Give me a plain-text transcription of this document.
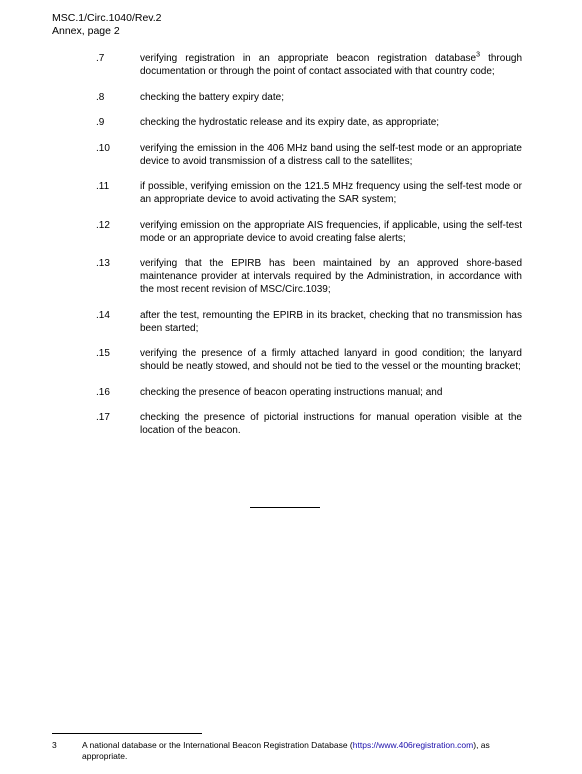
MSC.1/Circ.1040/Rev.2
Annex, page 2
.7	verifying registration in an appropriate beacon registration database$^3$ through documentation or through the point of contact associated with that country code;
.8	checking the battery expiry date;
.9	checking the hydrostatic release and its expiry date, as appropriate;
.10	verifying the emission in the 406 MHz band using the self-test mode or an appropriate device to avoid transmission of a distress call to the satellites;
.11	if possible, verifying emission on the 121.5 MHz frequency using the self-test mode or an appropriate device to avoid activating the SAR system;
.12	verifying emission on the appropriate AIS frequencies, if applicable, using the self-test mode or an appropriate device to avoid creating false alerts;
.13	verifying that the EPIRB has been maintained by an approved shore-based maintenance provider at intervals required by the Administration, in accordance with the most recent revision of MSC/Circ.1039;
.14	after the test, remounting the EPIRB in its bracket, checking that no transmission has been started;
.15	verifying the presence of a firmly attached lanyard in good condition; the lanyard should be neatly stowed, and should not be tied to the vessel or the mounting bracket;
.16	checking the presence of beacon operating instructions manual; and
.17	checking the presence of pictorial instructions for manual operation visible at the location of the beacon.
3	A national database or the International Beacon Registration Database (https://www.406registration.com), as appropriate.
